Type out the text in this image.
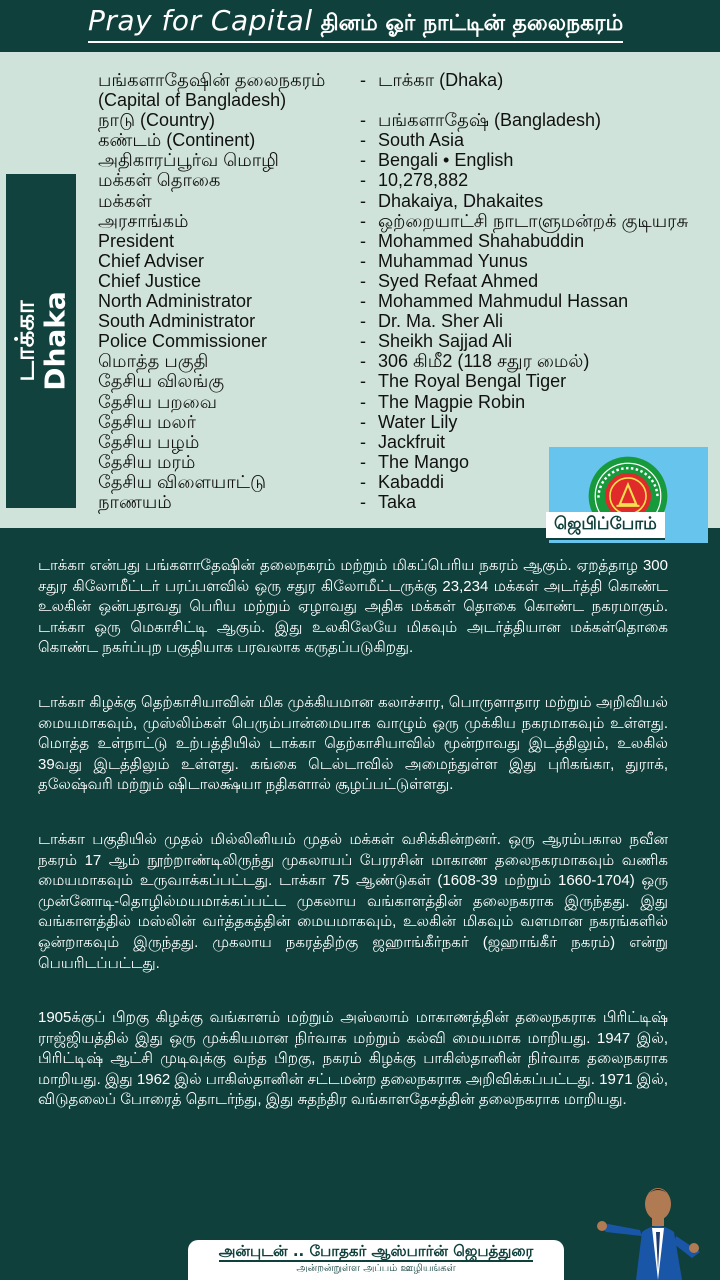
Pray for Capital தினம் ஓர் நாட்டின் தலைநகரம்
டாக்கா
Dhaka
பங்களாதேஷின் தலைநகரம்	- டாக்கா (Dhaka)
(Capital of Bangladesh)
நாடு (Country)	- பங்களாதேஷ் (Bangladesh)
கண்டம் (Continent)	- South Asia
அதிகாரப்பூர்வ மொழி	- Bengali • English
மக்கள் தொகை	- 10,278,882
மக்கள்	- Dhakaiya, Dhakaites
அரசாங்கம்	- ஒற்றையாட்சி நாடாளுமன்றக் குடியரசு
President	- Mohammed Shahabuddin
Chief Adviser	- Muhammad Yunus
Chief Justice	- Syed Refaat Ahmed
North Administrator	- Mohammed Mahmudul Hassan
South Administrator	- Dr. Ma. Sher Ali
Police Commissioner	- Sheikh Sajjad Ali
மொத்த பகுதி	- 306 கிமீ2 (118 சதுர மைல்)
தேசிய விலங்கு	- The Royal Bengal Tiger
தேசிய பறவை	- The Magpie Robin
தேசிய மலர்	- Water Lily
தேசிய பழம்	- Jackfruit
தேசிய மரம்	- The Mango
தேசிய விளையாட்டு	- Kabaddi
நாணயம்	- Taka
ஜெபிப்போம்

டாக்கா என்பது பங்களாதேஷின் தலைநகரம் மற்றும் மிகப்பெரிய நகரம் ஆகும். ஏறத்தாழ 300 சதுர கிலோமீட்டர் பரப்பளவில் ஒரு சதுர கிலோமீட்டருக்கு 23,234 மக்கள் அடர்த்தி கொண்ட உலகின் ஒன்பதாவது பெரிய மற்றும் ஏழாவது அதிக மக்கள் தொகை கொண்ட நகரமாகும். டாக்கா ஒரு மெகாசிட்டி ஆகும். இது உலகிலேயே மிகவும் அடர்த்தியான மக்கள்தொகை கொண்ட நகர்ப்புற பகுதியாக பரவலாக கருதப்படுகிறது.

டாக்கா கிழக்கு தெற்காசியாவின் மிக முக்கியமான கலாச்சார, பொருளாதார மற்றும் அறிவியல் மையமாகவும், முஸ்லிம்கள் பெரும்பான்மையாக வாழும் ஒரு முக்கிய நகரமாகவும் உள்ளது. மொத்த உள்நாட்டு உற்பத்தியில் டாக்கா தெற்காசியாவில் மூன்றாவது இடத்திலும், உலகில் 39வது இடத்திலும் உள்ளது. கங்கை டெல்டாவில் அமைந்துள்ள இது புரிகங்கா, துராக், தலேஷ்வரி மற்றும் ஷிடாலக்ஷ்யா நதிகளால் சூழப்பட்டுள்ளது.

டாக்கா பகுதியில் முதல் மில்லினியம் முதல் மக்கள் வசிக்கின்றனர். ஒரு ஆரம்பகால நவீன நகரம் 17 ஆம் நூற்றாண்டிலிருந்து முகலாயப் பேரரசின் மாகாண தலைநகரமாகவும் வணிக மையமாகவும் உருவாக்கப்பட்டது. டாக்கா 75 ஆண்டுகள் (1608-39 மற்றும் 1660-1704) ஒரு முன்னோடி-தொழில்மயமாக்கப்பட்ட முகலாய வங்காளத்தின் தலைநகராக இருந்தது. இது வங்காளத்தில் மஸ்லின் வர்த்தகத்தின் மையமாகவும், உலகின் மிகவும் வளமான நகரங்களில் ஒன்றாகவும் இருந்தது. முகலாய நகரத்திற்கு ஜஹாங்கீர்நகர் (ஜஹாங்கீர் நகரம்) என்று பெயரிடப்பட்டது.

1905க்குப் பிறகு கிழக்கு வங்காளம் மற்றும் அஸ்ஸாம் மாகாணத்தின் தலைநகராக பிரிட்டிஷ் ராஜ்ஜியத்தில் இது ஒரு முக்கியமான நிர்வாக மற்றும் கல்வி மையமாக மாறியது. 1947 இல், பிரிட்டிஷ் ஆட்சி முடிவுக்கு வந்த பிறகு, நகரம் கிழக்கு பாகிஸ்தானின் நிர்வாக தலைநகராக மாறியது. இது 1962 இல் பாகிஸ்தானின் சட்டமன்ற தலைநகராக அறிவிக்கப்பட்டது. 1971 இல், விடுதலைப் போரைத் தொடர்ந்து, இது சுதந்திர வங்காளதேசத்தின் தலைநகராக மாறியது.

அன்புடன் .. போதகர் ஆஸ்பார்ன் ஜெபத்துரை
அன்றன்றுள்ள அப்பம் ஊழியங்கள்
